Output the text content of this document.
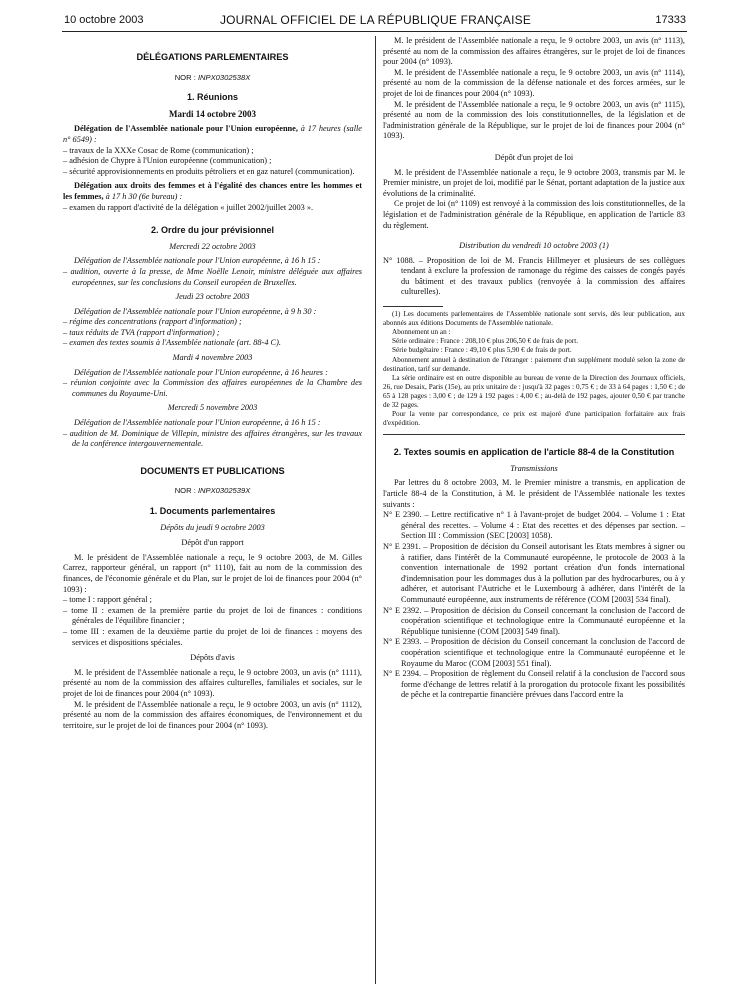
10 octobre 2003	JOURNAL OFFICIEL DE LA RÉPUBLIQUE FRANÇAISE	17333
DÉLÉGATIONS PARLEMENTAIRES
NOR : INPX0302538X
1. Réunions
Mardi 14 octobre 2003

Délégation de l'Assemblée nationale pour l'Union européenne, à 17 heures (salle n° 6549) :

– travaux de la XXXe Cosac de Rome (communication) ;
– adhésion de Chypre à l'Union européenne (communication) ;
– sécurité approvisionnements en produits pétroliers et en gaz naturel (communication).

Délégation aux droits des femmes et à l'égalité des chances entre les hommes et les femmes, à 17 h 30 (6e bureau) :

– examen du rapport d'activité de la délégation « juillet 2002/juillet 2003 ».
2. Ordre du jour prévisionnel
Mercredi 22 octobre 2003

Délégation de l'Assemblée nationale pour l'Union européenne, à 16 h 15 :

– audition, ouverte à la presse, de Mme Noëlle Lenoir, ministre déléguée aux affaires européennes, sur les conclusions du Conseil européen de Bruxelles.
Jeudi 23 octobre 2003

Délégation de l'Assemblée nationale pour l'Union européenne, à 9 h 30 :

– régime des concentrations (rapport d'information) ;
– taux réduits de TVA (rapport d'information) ;
– examen des textes soumis à l'Assemblée nationale (art. 88-4 C).
Mardi 4 novembre 2003

Délégation de l'Assemblée nationale pour l'Union européenne, à 16 heures :

– réunion conjointe avec la Commission des affaires européennes de la Chambre des communes du Royaume-Uni.
Mercredi 5 novembre 2003

Délégation de l'Assemblée nationale pour l'Union européenne, à 16 h 15 :

– audition de M. Dominique de Villepin, ministre des affaires étrangères, sur les travaux de la conférence intergouvernementale.
DOCUMENTS ET PUBLICATIONS
NOR : INPX0302539X
1. Documents parlementaires
Dépôts du jeudi 9 octobre 2003
Dépôt d'un rapport

M. le président de l'Assemblée nationale a reçu, le 9 octobre 2003, de M. Gilles Carrez, rapporteur général, un rapport (n° 1110), fait au nom de la commission des finances, de l'économie générale et du Plan, sur le projet de loi de finances pour 2004 (n° 1093) :

– tome I : rapport général ;
– tome II : examen de la première partie du projet de loi de finances : conditions générales de l'équilibre financier ;
– tome III : examen de la deuxième partie du projet de loi de finances : moyens des services et dispositions spéciales.
Dépôts d'avis

M. le président de l'Assemblée nationale a reçu, le 9 octobre 2003, un avis (n° 1111), présenté au nom de la commission des affaires culturelles, familiales et sociales, sur le projet de loi de finances pour 2004 (n° 1093).

M. le président de l'Assemblée nationale a reçu, le 9 octobre 2003, un avis (n° 1112), présenté au nom de la commission des affaires économiques, de l'environnement et du territoire, sur le projet de loi de finances pour 2004 (n° 1093).

M. le président de l'Assemblée nationale a reçu, le 9 octobre 2003, un avis (n° 1113), présenté au nom de la commission des affaires étrangères, sur le projet de loi de finances pour 2004 (n° 1093).

M. le président de l'Assemblée nationale a reçu, le 9 octobre 2003, un avis (n° 1114), présenté au nom de la commission de la défense nationale et des forces armées, sur le projet de loi de finances pour 2004 (n° 1093).

M. le président de l'Assemblée nationale a reçu, le 9 octobre 2003, un avis (n° 1115), présenté au nom de la commission des lois constitutionnelles, de la législation et de l'administration générale de la République, sur le projet de loi de finances pour 2004 (n° 1093).

Dépôt d'un projet de loi

M. le président de l'Assemblée nationale a reçu, le 9 octobre 2003, transmis par M. le Premier ministre, un projet de loi, modifié par le Sénat, portant adaptation de la justice aux évolutions de la criminalité.

Ce projet de loi (n° 1109) est renvoyé à la commission des lois constitutionnelles, de la législation et de l'administration générale de la République, en application de l'article 83 du règlement.

Distribution du vendredi 10 octobre 2003 (1)

N° 1088. – Proposition de loi de M. Francis Hillmeyer et plusieurs de ses collègues tendant à exclure la profession de ramonage du régime des caisses de congés payés du bâtiment et des travaux publics (renvoyée à la commission des affaires culturelles).

(1) Les documents parlementaires de l'Assemblée nationale sont servis, dès leur publication, aux abonnés aux éditions Documents de l'Assemblée nationale.

Abonnement un an :

Série ordinaire : France : 208,10 € plus 206,50 € de frais de port.

Série budgétaire : France : 49,10 € plus 5,90 € de frais de port.

Abonnement annuel à destination de l'étranger : paiement d'un supplément modulé selon la zone de destination, tarif sur demande.

La série ordinaire est en outre disponible au bureau de vente de la Direction des Journaux officiels, 26, rue Desaix, Paris (15e), au prix unitaire de : jusqu'à 32 pages : 0,75 € ; de 33 à 64 pages : 1,50 € ; de 65 à 128 pages : 3,00 € ; de 129 à 192 pages : 4,00 € ; au-delà de 192 pages, ajouter 0,50 € par tranche de 32 pages.

Pour la vente par correspondance, ce prix est majoré d'une participation forfaitaire aux frais d'expédition.

2. Textes soumis en application de l'article 88-4 de la Constitution
Transmissions

Par lettres du 8 octobre 2003, M. le Premier ministre a transmis, en application de l'article 88-4 de la Constitution, à M. le président de l'Assemblée nationale les textes suivants :

N° E 2390. – Lettre rectificative n° 1 à l'avant-projet de budget 2004. – Volume 1 : Etat général des recettes. – Volume 4 : Etat des recettes et des dépenses par section. – Section III : Commission (SEC [2003] 1058).

N° E 2391. – Proposition de décision du Conseil autorisant les Etats membres à signer ou à ratifier, dans l'intérêt de la Communauté européenne, le protocole de 2003 à la convention internationale de 1992 portant création d'un fonds international d'indemnisation pour les dommages dus à la pollution par des hydrocarbures, ou à y adhérer, et autorisant l'Autriche et le Luxembourg à adhérer, dans l'intérêt de la Communauté européenne, aux instruments de référence (COM [2003] 534 final).

N° E 2392. – Proposition de décision du Conseil concernant la conclusion de l'accord de coopération scientifique et technologique entre la Communauté européenne et la République tunisienne (COM [2003] 549 final).

N° E 2393. – Proposition de décision du Conseil concernant la conclusion de l'accord de coopération scientifique et technologique entre la Communauté européenne et le Royaume du Maroc (COM [2003] 551 final).

N° E 2394. – Proposition de règlement du Conseil relatif à la conclusion de l'accord sous forme d'échange de lettres relatif à la prorogation du protocole fixant les possibilités de pêche et la contrepartie financière prévues dans l'accord entre la
